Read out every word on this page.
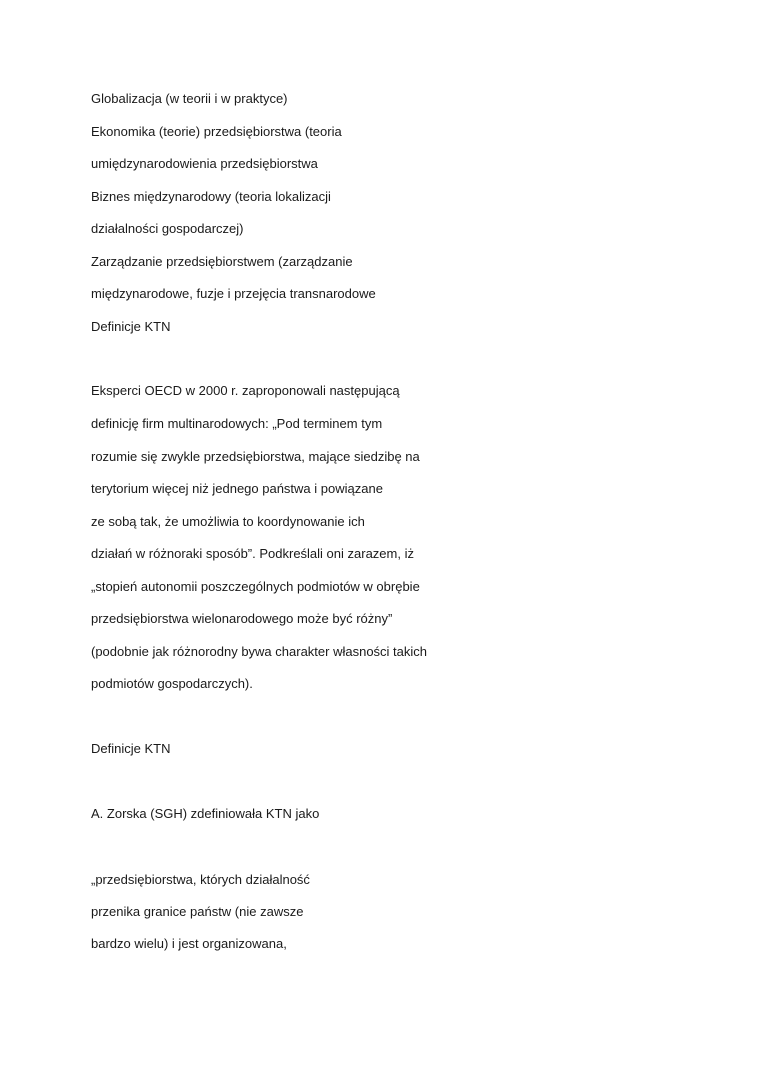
Globalizacja (w teorii i w praktyce)
Ekonomika (teorie) przedsiębiorstwa (teoria
umiędzynarodowienia przedsiębiorstwa
Biznes międzynarodowy (teoria lokalizacji
działalności gospodarczej)
Zarządzanie przedsiębiorstwem (zarządzanie
międzynarodowe, fuzje i przejęcia transnarodowe
Definicje KTN
Eksperci OECD w 2000 r. zaproponowali następującą
definicję firm multinarodowych: „Pod terminem tym
rozumie się zwykle przedsiębiorstwa, mające siedzibę na
terytorium więcej niż jednego państwa i powiązane
ze sobą tak, że umożliwia to koordynowanie ich
działań w różnoraki sposób”. Podkreślali oni zarazem, iż
„stopień autonomii poszczególnych podmiotów w obrębie
przedsiębiorstwa wielonarodowego może być różny”
(podobnie jak różnorodny bywa charakter własności takich
podmiotów gospodarczych).
Definicje KTN
A. Zorska (SGH) zdefiniowała KTN jako
„przedsiębiorstwa, których działalność
przenika granice państw (nie zawsze
bardzo wielu) i jest organizowana,
